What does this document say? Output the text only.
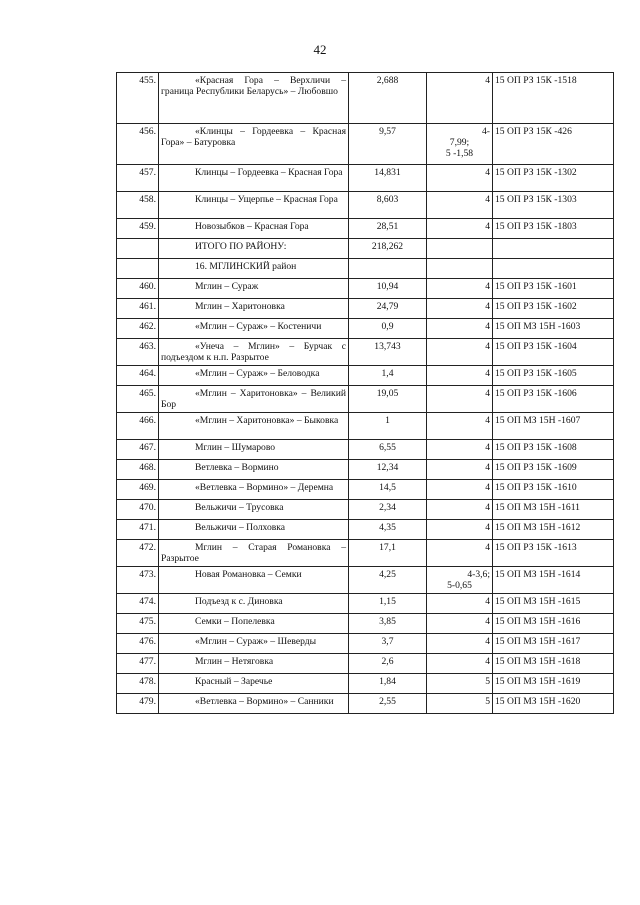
42
455.	«Красная Гора – Верхличи – граница Республики Беларусь» – Любовшо	2,688	4	15 ОП РЗ 15К -1518
456.	«Клинцы – Гордеевка – Красная Гора» – Батуровка	9,57	4-
7,99;
5 -1,58	15 ОП РЗ 15К -426
457.	Клинцы – Гордеевка – Красная Гора	14,831	4	15 ОП РЗ 15К -1302
458.	Клинцы – Ущерпье – Красная Гора	8,603	4	15 ОП РЗ 15К -1303
459.	Новозыбков – Красная Гора	28,51	4	15 ОП РЗ 15К -1803
	ИТОГО ПО РАЙОНУ:	218,262	

	16. МГЛИНСКИЙ район		

460.	Мглин – Сураж	10,94	4	15 ОП РЗ 15К -1601
461.	Мглин – Харитоновка	24,79	4	15 ОП РЗ 15К -1602
462.	«Мглин – Сураж» – Костеничи	0,9	4	15 ОП МЗ 15Н -1603
463.	«Унеча – Мглин» – Бурчак с подъездом к н.п. Разрытое	13,743	4	15 ОП РЗ 15К -1604
464.	«Мглин – Сураж» – Беловодка	1,4	4	15 ОП РЗ 15К -1605
465.	«Мглин – Харитоновка» – Великий Бор	19,05	4	15 ОП РЗ 15К -1606
466.	«Мглин – Харитоновка» – Быковка	1	4	15 ОП МЗ 15Н -1607
467.	Мглин – Шумарово	6,55	4	15 ОП РЗ 15К -1608
468.	Ветлевка – Вормино	12,34	4	15 ОП РЗ 15К -1609
469.	«Ветлевка – Вормино» – Деремна	14,5	4	15 ОП РЗ 15К -1610
470.	Вельжичи – Трусовка	2,34	4	15 ОП МЗ 15Н -1611
471.	Вельжичи – Полховка	4,35	4	15 ОП МЗ 15Н -1612
472.	Мглин – Старая Романовка – Разрытое	17,1	4	15 ОП РЗ 15К -1613
473.	Новая Романовка – Семки	4,25	4-3,6;
5-0,65	15 ОП МЗ 15Н -1614
474.	Подъезд к с. Диновка	1,15	4	15 ОП МЗ 15Н -1615
475.	Семки – Попелевка	3,85	4	15 ОП МЗ 15Н -1616
476.	«Мглин – Сураж» – Шеверды	3,7	4	15 ОП МЗ 15Н -1617
477.	Мглин – Нетяговка	2,6	4	15 ОП МЗ 15Н -1618
478.	Красный – Заречье	1,84	5	15 ОП МЗ 15Н -1619
479.	«Ветлевка – Вормино» – Санники	2,55	5	15 ОП МЗ 15Н -1620
